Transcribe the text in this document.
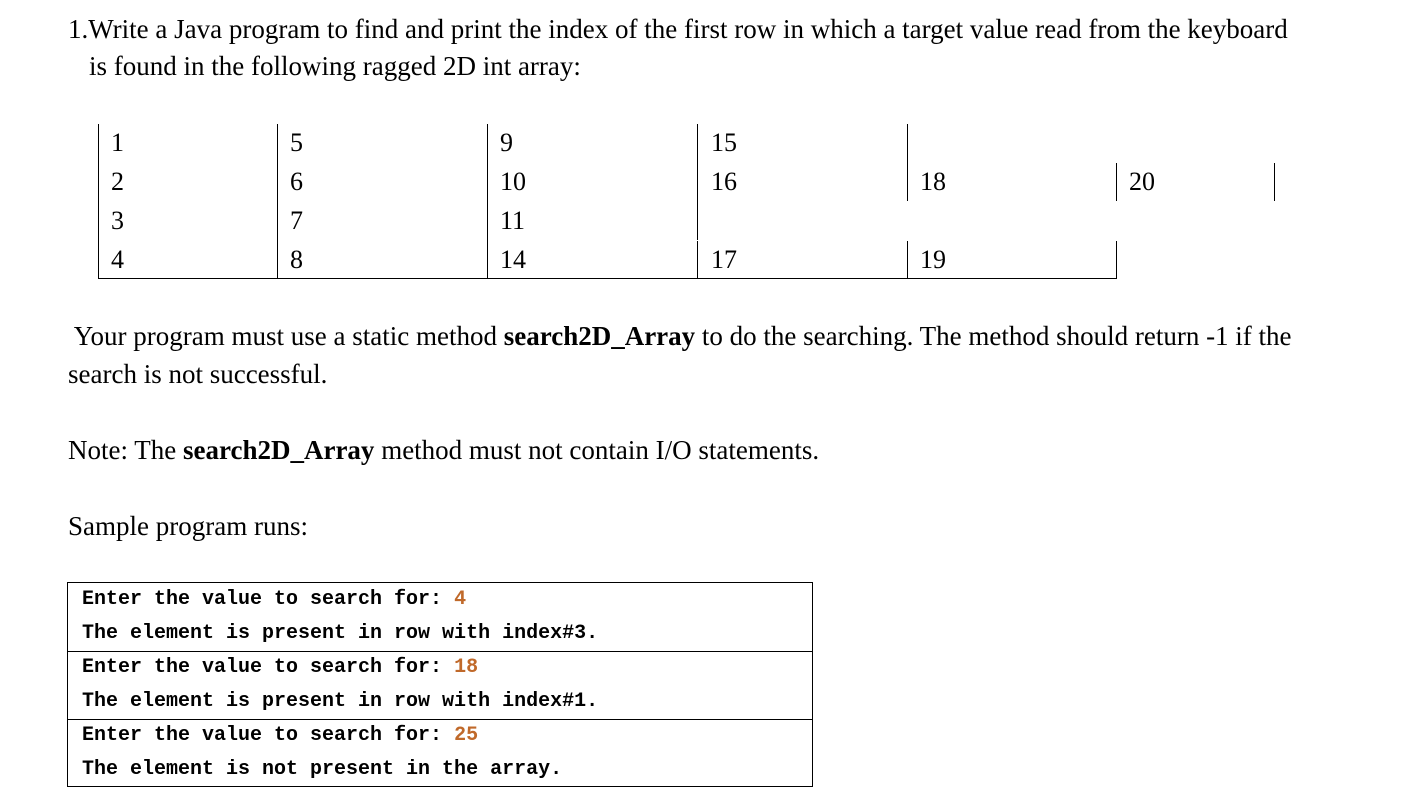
1.Write a Java program to find and print the index of the first row in which a target value read from the keyboard
is found in the following ragged 2D int array:
1	5	9	15
2	6	10	16	18	20
3	7	11
4	8	14	17	19
Your program must use a static method search2D_Array to do the searching. The method should return -1 if the
search is not successful.
Note: The search2D_Array method must not contain I/O statements.
Sample program runs:
Enter the value to search for: 4
The element is present in row with index#3.
Enter the value to search for: 18
The element is present in row with index#1.
Enter the value to search for: 25
The element is not present in the array.
